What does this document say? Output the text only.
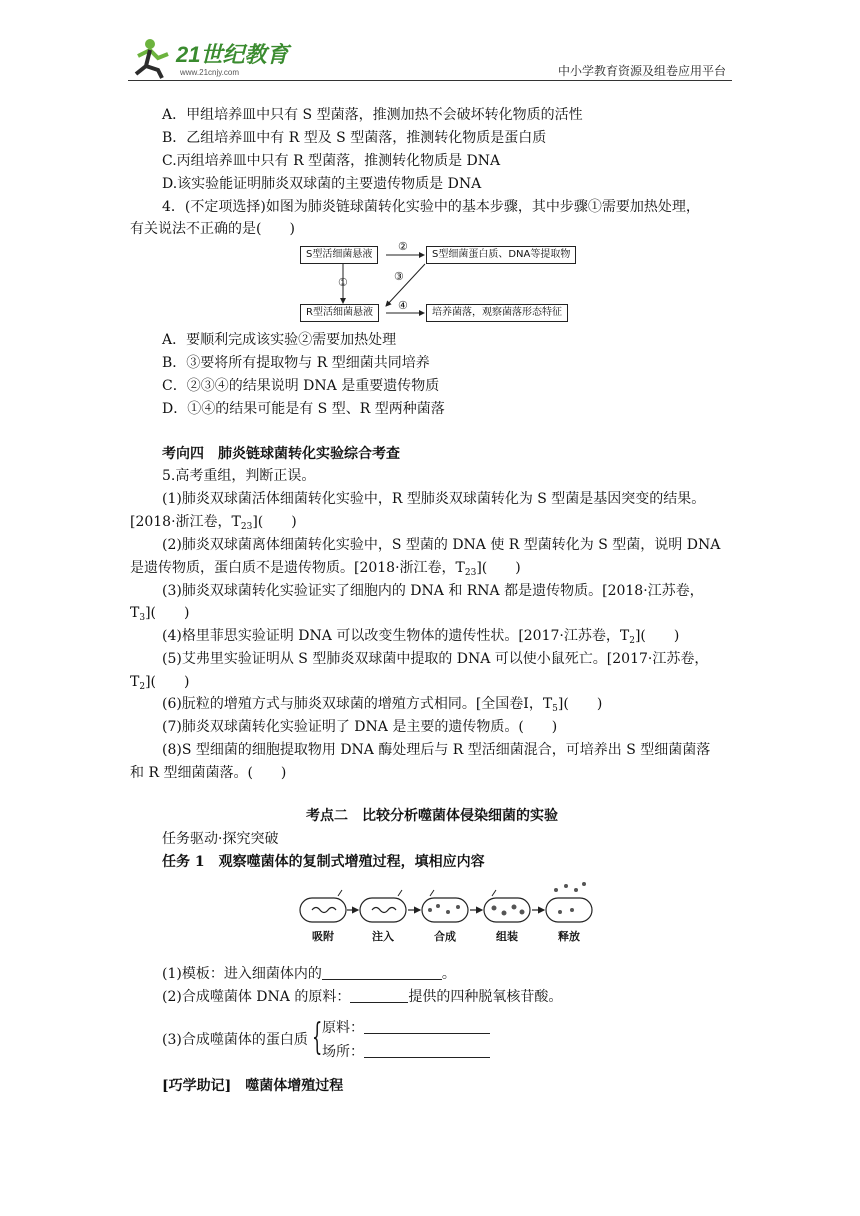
21世纪教育
www.21cnjy.com	中小学教育资源及组卷应用平台
A．甲组培养皿中只有 S 型菌落，推测加热不会破坏转化物质的活性
B．乙组培养皿中有 R 型及 S 型菌落，推测转化物质是蛋白质
C.丙组培养皿中只有 R 型菌落，推测转化物质是 DNA
D.该实验能证明肺炎双球菌的主要遗传物质是 DNA
4．(不定项选择)如图为肺炎链球菌转化实验中的基本步骤，其中步骤①需要加热处理，
有关说法不正确的是(　　)
S型活细菌悬液	S型细菌蛋白质、DNA等提取物
R型活细菌悬液	培养菌落，观察菌落形态特征
②
①	③
④
A．要顺利完成该实验②需要加热处理
B．③要将所有提取物与 R 型细菌共同培养
C．②③④的结果说明 DNA 是重要遗传物质
D．①④的结果可能是有 S 型、R 型两种菌落
考向四　肺炎链球菌转化实验综合考查
5.高考重组，判断正误。
(1)肺炎双球菌活体细菌转化实验中，R 型肺炎双球菌转化为 S 型菌是基因突变的结果。
[2018·浙江卷，$T_{23}$](　　)
(2)肺炎双球菌离体细菌转化实验中，S 型菌的 DNA 使 R 型菌转化为 S 型菌，说明 DNA
是遗传物质，蛋白质不是遗传物质。[2018·浙江卷，$T_{23}$](　　)
(3)肺炎双球菌转化实验证实了细胞内的 DNA 和 RNA 都是遗传物质。[2018·江苏卷，
$T_3$](　　)
(4)格里菲思实验证明 DNA 可以改变生物体的遗传性状。[2017·江苏卷，$T_2$](　　)
(5)艾弗里实验证明从 S 型肺炎双球菌中提取的 DNA 可以使小鼠死亡。[2017·江苏卷，
$T_2$](　　)
(6)朊粒的增殖方式与肺炎双球菌的增殖方式相同。[全国卷Ⅰ，$T_5$](　　)
(7)肺炎双球菌转化实验证明了 DNA 是主要的遗传物质。(　　)
(8)S 型细菌的细胞提取物用 DNA 酶处理后与 R 型活细菌混合，可培养出 S 型细菌菌落
和 R 型细菌菌落。(　　)
考点二　比较分析噬菌体侵染细菌的实验
任务驱动·探究突破
任务 1　观察噬菌体的复制式增殖过程，填相应内容
吸附	注入	合成	组装	释放
(1)模板：进入细菌体内的	。
(2)合成噬菌体 DNA 的原料：	提供的四种脱氧核苷酸。
(3)合成噬菌体的蛋白质 { 原料：
场所：
[巧学助记]　噬菌体增殖过程
